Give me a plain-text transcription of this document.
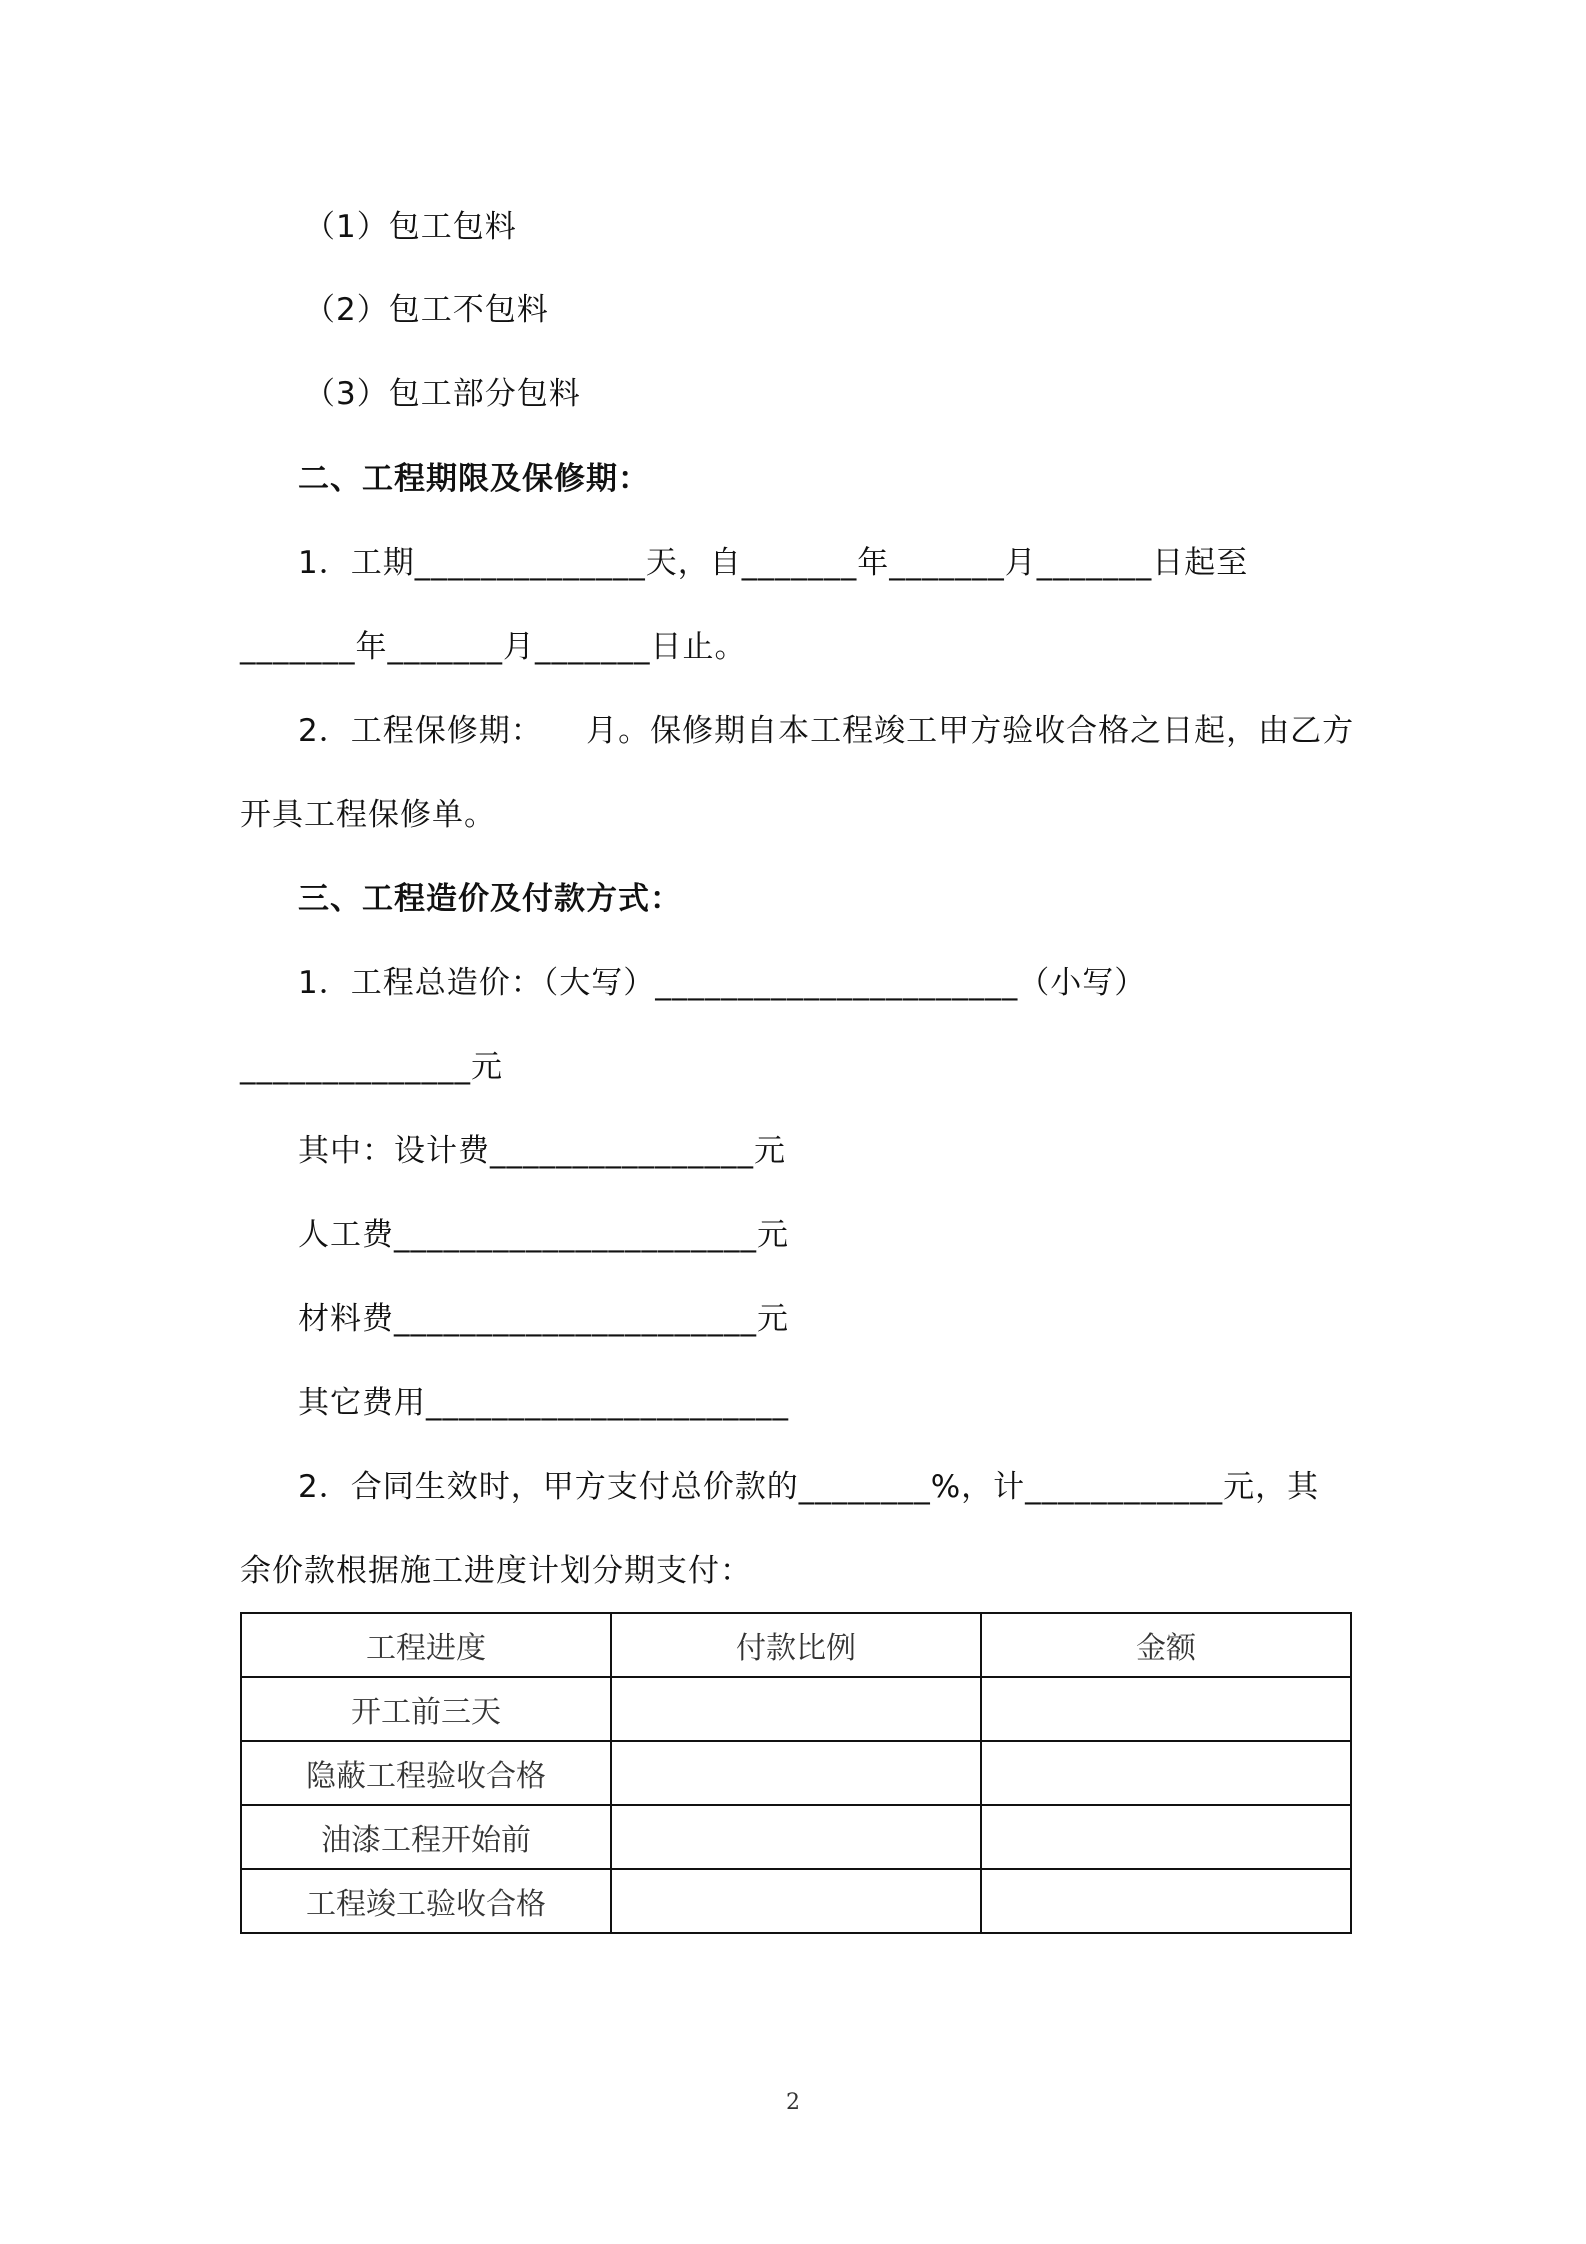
（1）包工包料
（2）包工不包料
（3）包工部分包料
二、工程期限及保修期：
1．工期______________天，自_______年_______月_______日起至
_______年_______月_______日止。
2．工程保修期：    月。保修期自本工程竣工甲方验收合格之日起，由乙方
开具工程保修单。
三、工程造价及付款方式：
1．工程总造价：（大写）______________________（小写）
______________元
其中：设计费________________元
人工费______________________元
材料费______________________元
其它费用______________________
2．合同生效时，甲方支付总价款的________%，计____________元，其
余价款根据施工进度计划分期支付：
工程进度	付款比例	金额
开工前三天		
隐蔽工程验收合格		
油漆工程开始前		
工程竣工验收合格		
2
